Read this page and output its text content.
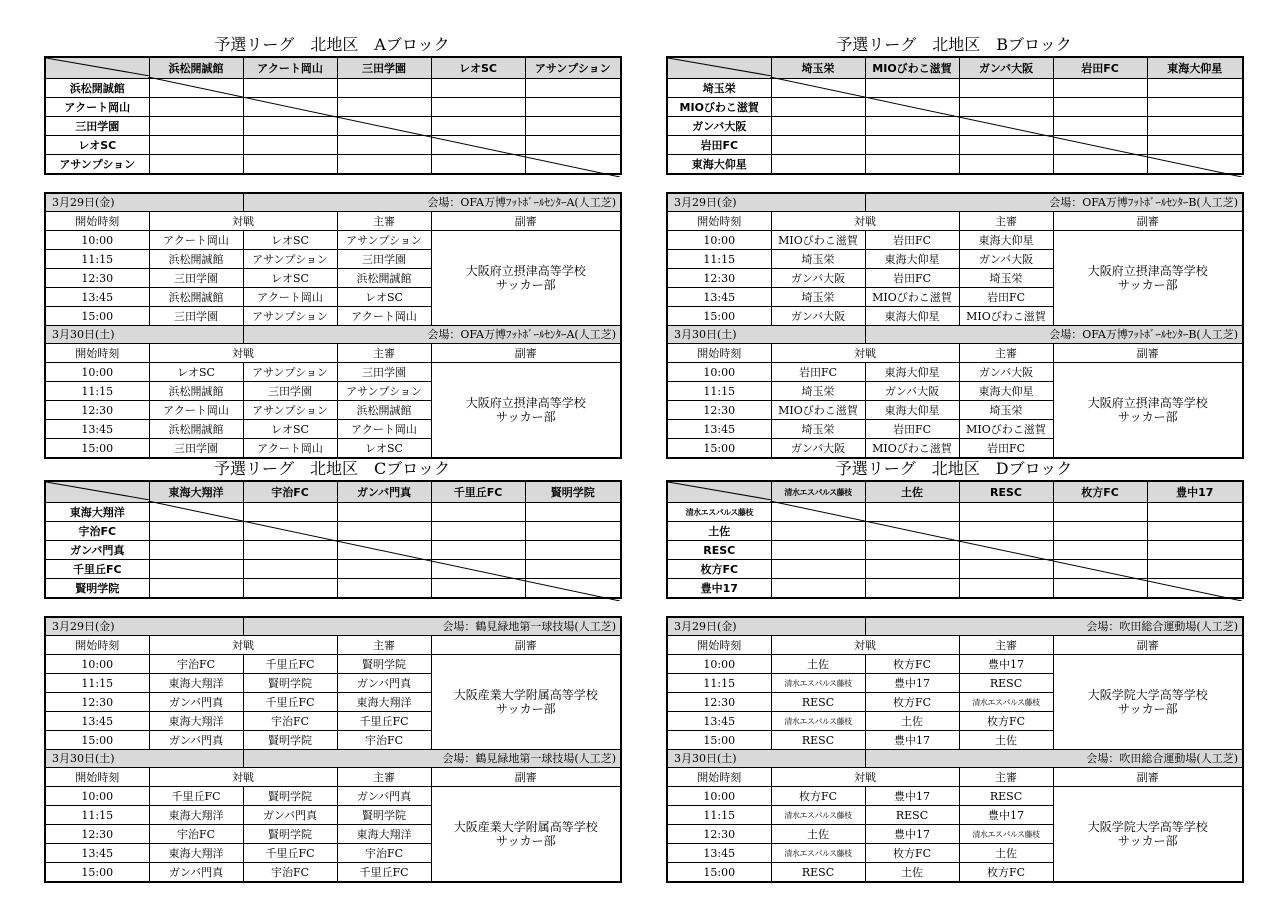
予選リーグ　北地区　Aブロック
	浜松開誠館	アクート岡山	三田学園	レオSC	アサンプション
浜松開誠館					
アクート岡山					
三田学園					
レオSC					
アサンプション					
3月29日(金)		会場：OFA万博ﾌｯﾄﾎﾞｰﾙｾﾝﾀｰA(人工芝)		
開始時刻	対戦		主審	副審
10:00	アクート岡山	レオSC	アサンプション	大阪府立摂津高等学校
サッカー部
11:15	浜松開誠館	アサンプション	三田学園	
12:30	三田学園	レオSC	浜松開誠館	
13:45	浜松開誠館	アクート岡山	レオSC	
15:00	三田学園	アサンプション	アクート岡山	
3月30日(土)		会場：OFA万博ﾌｯﾄﾎﾞｰﾙｾﾝﾀｰA(人工芝)		
開始時刻	対戦		主審	副審
10:00	レオSC	アサンプション	三田学園	大阪府立摂津高等学校
サッカー部
11:15	浜松開誠館	三田学園	アサンプション	
12:30	アクート岡山	アサンプション	浜松開誠館	
13:45	浜松開誠館	レオSC	アクート岡山	
15:00	三田学園	アクート岡山	レオSC	
予選リーグ　北地区　Bブロック
	埼玉栄	MIOびわこ滋賀	ガンバ大阪	岩田FC	東海大仰星
埼玉栄					
MIOびわこ滋賀					
ガンバ大阪					
岩田FC					
東海大仰星					
3月29日(金)		会場：OFA万博ﾌｯﾄﾎﾞｰﾙｾﾝﾀｰB(人工芝)		
開始時刻	対戦		主審	副審
10:00	MIOびわこ滋賀	岩田FC	東海大仰星	大阪府立摂津高等学校
サッカー部
11:15	埼玉栄	東海大仰星	ガンバ大阪	
12:30	ガンバ大阪	岩田FC	埼玉栄	
13:45	埼玉栄	MIOびわこ滋賀	岩田FC	
15:00	ガンバ大阪	東海大仰星	MIOびわこ滋賀	
3月30日(土)		会場：OFA万博ﾌｯﾄﾎﾞｰﾙｾﾝﾀｰB(人工芝)		
開始時刻	対戦		主審	副審
10:00	岩田FC	東海大仰星	ガンバ大阪	大阪府立摂津高等学校
サッカー部
11:15	埼玉栄	ガンバ大阪	東海大仰星	
12:30	MIOびわこ滋賀	東海大仰星	埼玉栄	
13:45	埼玉栄	岩田FC	MIOびわこ滋賀	
15:00	ガンバ大阪	MIOびわこ滋賀	岩田FC	
予選リーグ　北地区　Cブロック
	東海大翔洋	宇治FC	ガンバ門真	千里丘FC	賢明学院
東海大翔洋					
宇治FC					
ガンバ門真					
千里丘FC					
賢明学院					
3月29日(金)		会場：鶴見緑地第一球技場(人工芝)		
開始時刻	対戦		主審	副審
10:00	宇治FC	千里丘FC	賢明学院	大阪産業大学附属高等学校
サッカー部
11:15	東海大翔洋	賢明学院	ガンバ門真	
12:30	ガンバ門真	千里丘FC	東海大翔洋	
13:45	東海大翔洋	宇治FC	千里丘FC	
15:00	ガンバ門真	賢明学院	宇治FC	
3月30日(土)		会場：鶴見緑地第一球技場(人工芝)		
開始時刻	対戦		主審	副審
10:00	千里丘FC	賢明学院	ガンバ門真	大阪産業大学附属高等学校
サッカー部
11:15	東海大翔洋	ガンバ門真	賢明学院	
12:30	宇治FC	賢明学院	東海大翔洋	
13:45	東海大翔洋	千里丘FC	宇治FC	
15:00	ガンバ門真	宇治FC	千里丘FC	
予選リーグ　北地区　Dブロック
	清水エスパルス藤枝	土佐	RESC	枚方FC	豊中17
清水エスパルス藤枝					
土佐					
RESC					
枚方FC					
豊中17					
3月29日(金)		会場：吹田総合運動場(人工芝)		
開始時刻	対戦		主審	副審
10:00	土佐	枚方FC	豊中17	大阪学院大学高等学校
サッカー部
11:15	清水エスパルス藤枝	豊中17	RESC	
12:30	RESC	枚方FC	清水エスパルス藤枝	
13:45	清水エスパルス藤枝	土佐	枚方FC	
15:00	RESC	豊中17	土佐	
3月30日(土)		会場：吹田総合運動場(人工芝)		
開始時刻	対戦		主審	副審
10:00	枚方FC	豊中17	RESC	大阪学院大学高等学校
サッカー部
11:15	清水エスパルス藤枝	RESC	豊中17	
12:30	土佐	豊中17	清水エスパルス藤枝	
13:45	清水エスパルス藤枝	枚方FC	土佐	
15:00	RESC	土佐	枚方FC	
